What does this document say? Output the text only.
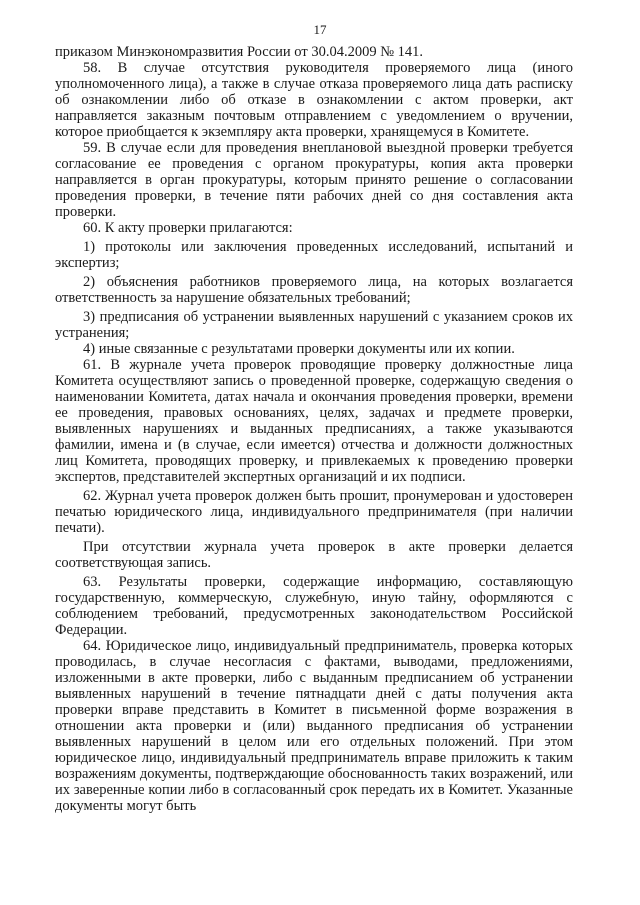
17

приказом Минэкономразвития России от 30.04.2009 № 141.

58. В случае отсутствия руководителя проверяемого лица (иного уполномоченного лица), а также в случае отказа проверяемого лица дать расписку об ознакомлении либо об отказе в ознакомлении с актом проверки, акт направляется заказным почтовым отправлением с уведомлением о вручении, которое приобщается к экземпляру акта проверки, хранящемуся в Комитете.

59. В случае если для проведения внеплановой выездной проверки требуется согласование ее проведения с органом прокуратуры, копия акта проверки направляется в орган прокуратуры, которым принято решение о согласовании проведения проверки, в течение пяти рабочих дней со дня составления акта проверки.

60. К акту проверки прилагаются:

1) протоколы или заключения проведенных исследований, испытаний и экспертиз;

2) объяснения работников проверяемого лица, на которых возлагается ответственность за нарушение обязательных требований;

3) предписания об устранении выявленных нарушений с указанием сроков их устранения;

4) иные связанные с результатами проверки документы или их копии.

61. В журнале учета проверок проводящие проверку должностные лица Комитета осуществляют запись о проведенной проверке, содержащую сведения о наименовании Комитета, датах начала и окончания проведения проверки, времени ее проведения, правовых основаниях, целях, задачах и предмете проверки, выявленных нарушениях и выданных предписаниях, а также указываются фамилии, имена и (в случае, если имеется) отчества и должности должностных лиц Комитета, проводящих проверку, и привлекаемых к проведению проверки экспертов, представителей экспертных организаций и их подписи.

62. Журнал учета проверок должен быть прошит, пронумерован и удостоверен печатью юридического лица, индивидуального предпринимателя (при наличии печати).

При отсутствии журнала учета проверок в акте проверки делается соответствующая запись.

63. Результаты проверки, содержащие информацию, составляющую государственную, коммерческую, служебную, иную тайну, оформляются с соблюдением требований, предусмотренных законодательством Российской Федерации.

64. Юридическое лицо, индивидуальный предприниматель, проверка которых проводилась, в случае несогласия с фактами, выводами, предложениями, изложенными в акте проверки, либо с выданным предписанием об устранении выявленных нарушений в течение пятнадцати дней с даты получения акта проверки вправе представить в Комитет в письменной форме возражения в отношении акта проверки и (или) выданного предписания об устранении выявленных нарушений в целом или его отдельных положений. При этом юридическое лицо, индивидуальный предприниматель вправе приложить к таким возражениям документы, подтверждающие обоснованность таких возражений, или их заверенные копии либо в согласованный срок передать их в Комитет. Указанные документы могут быть
